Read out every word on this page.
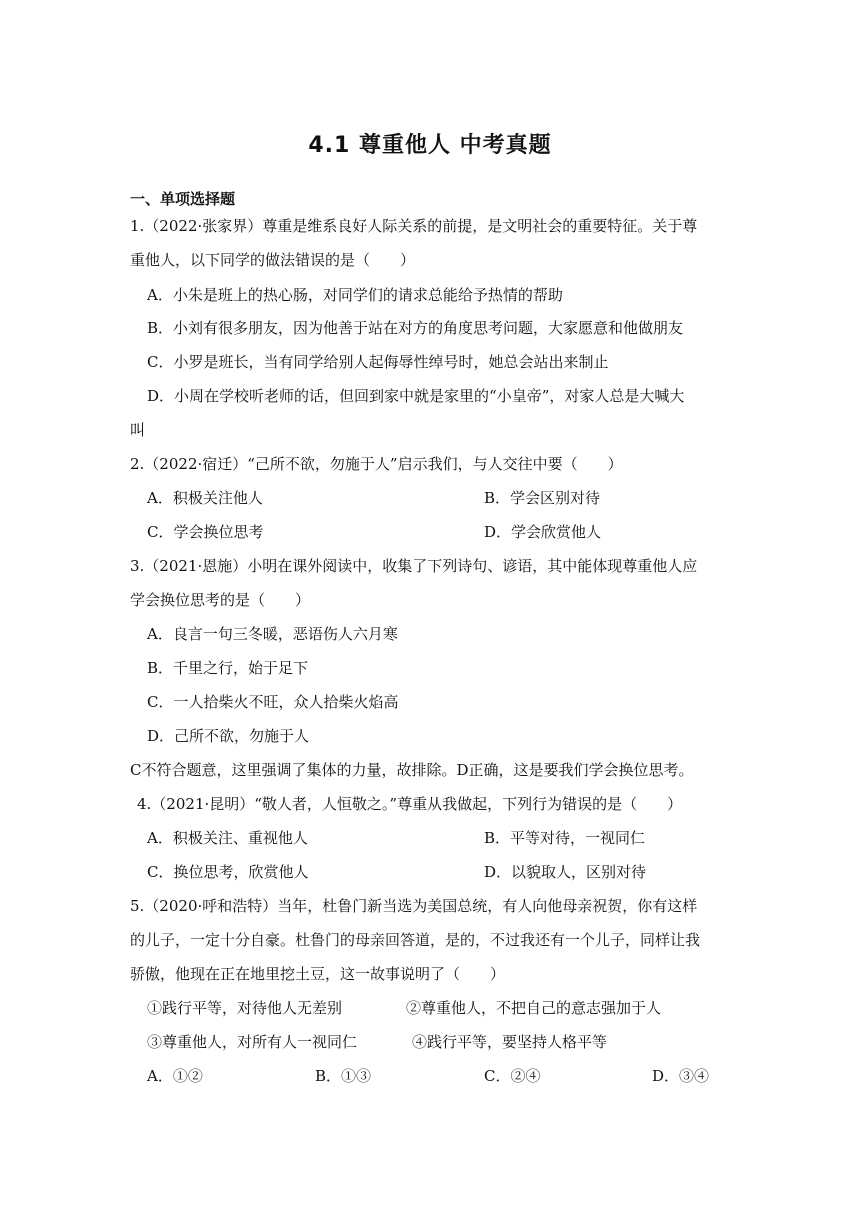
4.1 尊重他人 中考真题
一、单项选择题
1.（2022·张家界）尊重是维系良好人际关系的前提，是文明社会的重要特征。关于尊
重他人，以下同学的做法错误的是（　　）
A．小朱是班上的热心肠，对同学们的请求总能给予热情的帮助
B．小刘有很多朋友，因为他善于站在对方的角度思考问题，大家愿意和他做朋友
C．小罗是班长，当有同学给别人起侮辱性绰号时，她总会站出来制止
D．小周在学校听老师的话，但回到家中就是家里的“小皇帝”，对家人总是大喊大
叫
2.（2022·宿迁）“己所不欲，勿施于人”启示我们，与人交往中要（　　）
A．积极关注他人	B．学会区别对待
C．学会换位思考	D．学会欣赏他人
3.（2021·恩施）小明在课外阅读中，收集了下列诗句、谚语，其中能体现尊重他人应
学会换位思考的是（　　）
A．良言一句三冬暖，恶语伤人六月寒
B．千里之行，始于足下
C．一人拾柴火不旺，众人拾柴火焰高
D．己所不欲，勿施于人
C不符合题意，这里强调了集体的力量，故排除。D正确，这是要我们学会换位思考。
4.（2021·昆明）“敬人者，人恒敬之。”尊重从我做起，下列行为错误的是（　　）
A．积极关注、重视他人	B．平等对待，一视同仁
C．换位思考，欣赏他人	D．以貌取人，区别对待
5.（2020·呼和浩特）当年，杜鲁门新当选为美国总统，有人向他母亲祝贺，你有这样
的儿子，一定十分自豪。杜鲁门的母亲回答道，是的，不过我还有一个儿子，同样让我
骄傲，他现在正在地里挖土豆，这一故事说明了（　　）
①践行平等，对待他人无差别	②尊重他人，不把自己的意志强加于人
③尊重他人，对所有人一视同仁	④践行平等，要坚持人格平等
A．①②	B．①③	C．②④	D．③④
